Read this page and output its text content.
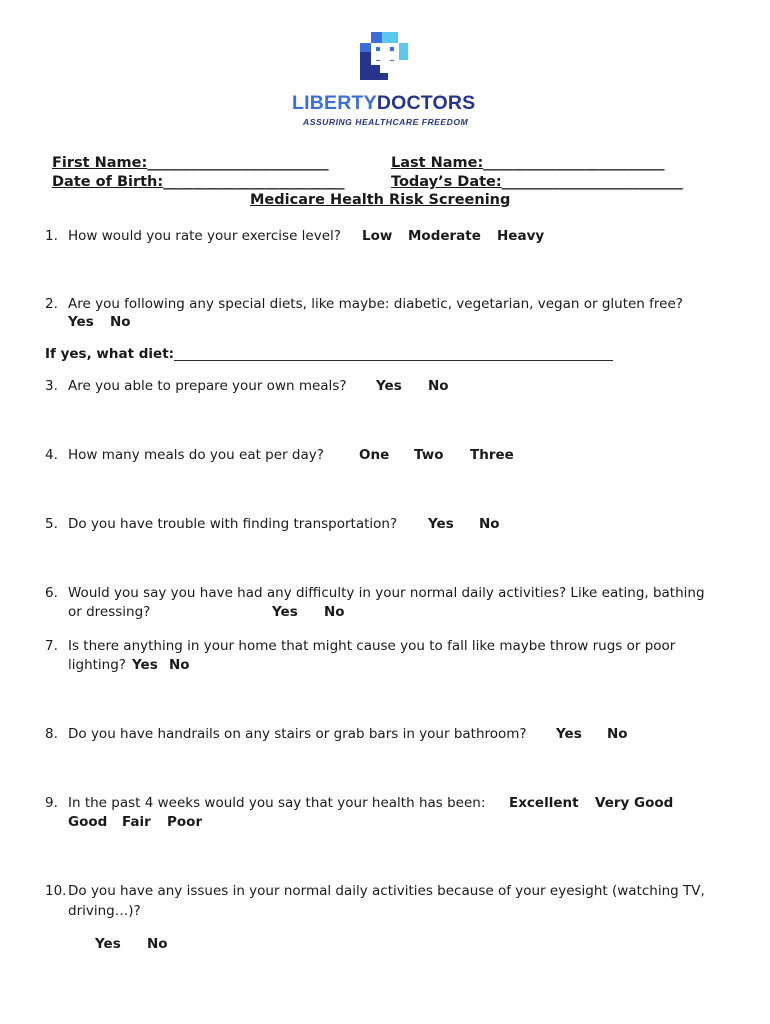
LIBERTYDOCTORS
ASSURING HEALTHCARE FREEDOM
First Name:_________________________	Last Name:_________________________
Date of Birth:_________________________	Today’s Date:_________________________
Medicare Health Risk Screening
1. How would you rate your exercise level? Low Moderate Heavy
2. Are you following any special diets, like maybe: diabetic, vegetarian, vegan or gluten free?
Yes No
If yes, what diet:_________________________________________________________________
3. Are you able to prepare your own meals? Yes No
4. How many meals do you eat per day?	One Two Three
5. Do you have trouble with finding transportation? Yes No
6. Would you say you have had any difficulty in your normal daily activities? Like eating, bathing
or dressing?	Yes No
7. Is there anything in your home that might cause you to fall like maybe throw rugs or poor
lighting? Yes No
8. Do you have handrails on any stairs or grab bars in your bathroom? Yes No
9. In the past 4 weeks would you say that your health has been: Excellent Very Good
Good Fair Poor
10. Do you have any issues in your normal daily activities because of your eyesight (watching TV,
driving…)?
Yes No
